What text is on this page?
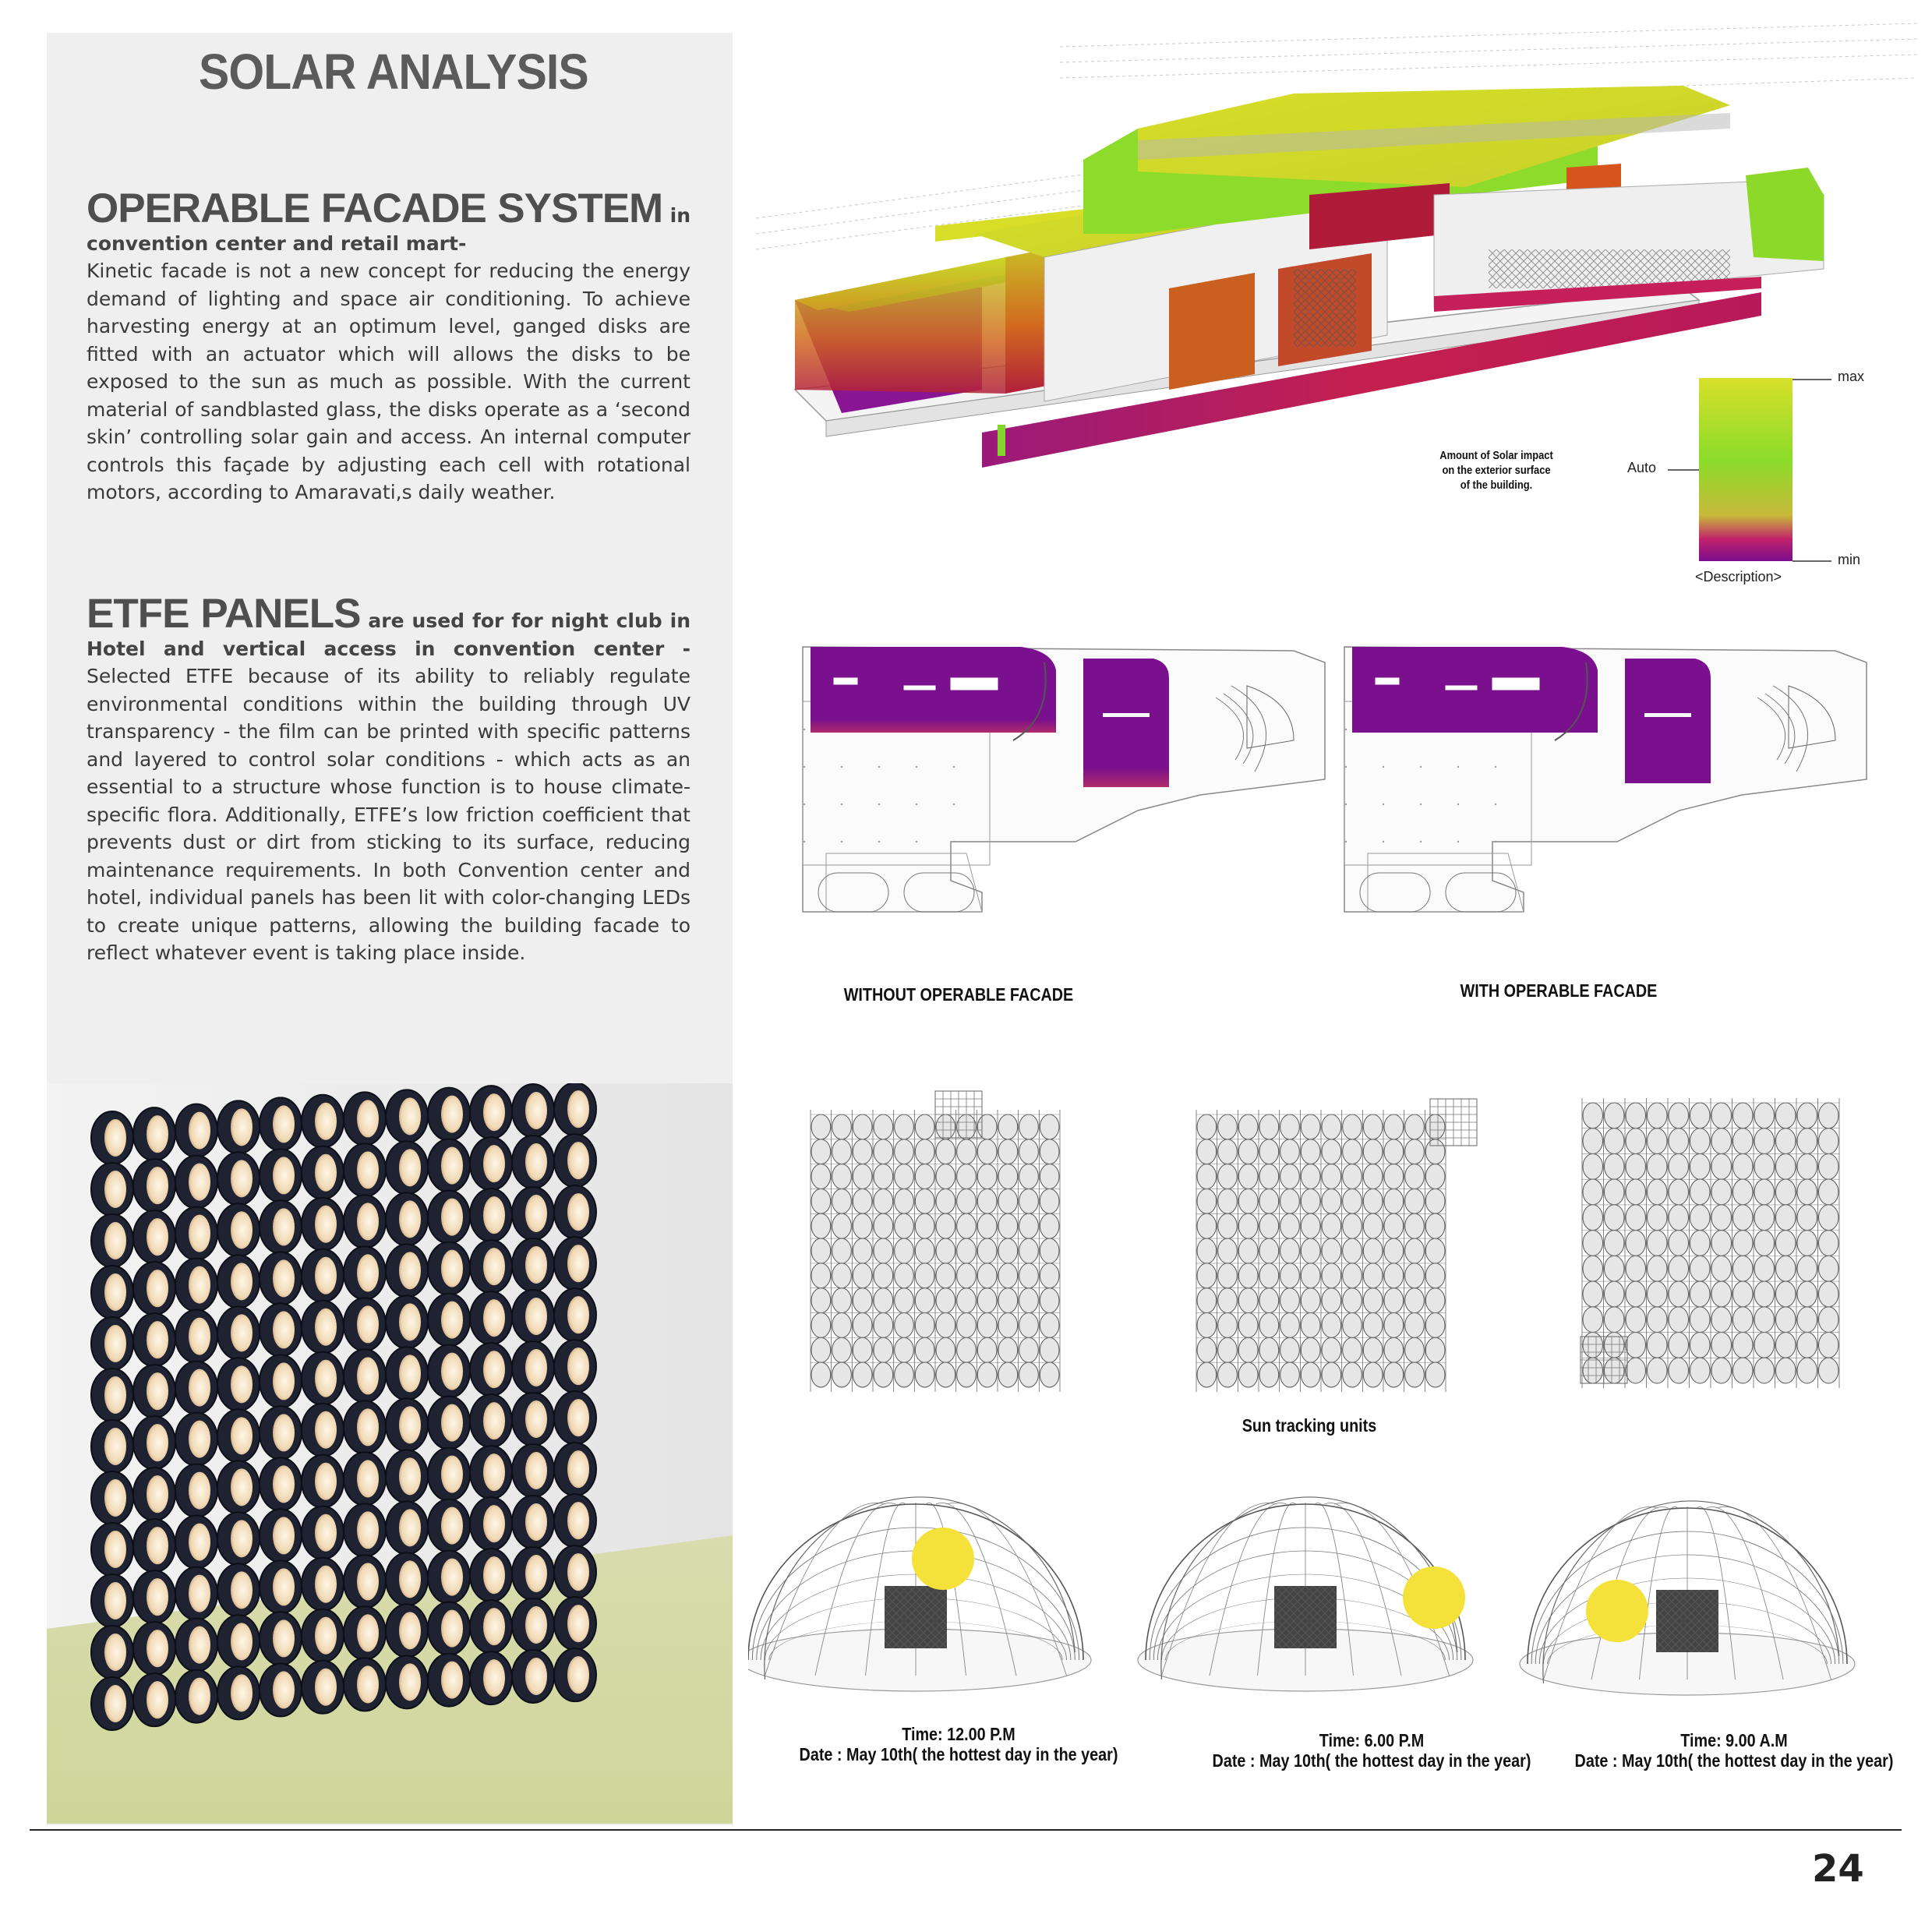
SOLAR ANALYSIS
OPERABLE FACADE SYSTEM in convention center and retail mart-
Kinetic facade is not a new concept for reducing the energy demand of lighting and space air conditioning. To achieve harvesting energy at an optimum level, ganged disks are fitted with an actuator which will allows the disks to be exposed to the sun as much as possible. With the current material of sandblasted glass, the disks operate as a ‘second skin’ controlling solar gain and access. An internal computer controls this façade by adjusting each cell with rotational motors, according to Amaravati,s daily weather.
ETFE PANELS are used for for night club in Hotel and vertical access in convention center - Selected ETFE because of its ability to reliably regulate environmental conditions within the building through UV transparency - the film can be printed with specific patterns and layered to control solar conditions - which acts as an essential to a structure whose function is to house climate-specific flora. Additionally, ETFE’s low friction coefficient that prevents dust or dirt from sticking to its surface, reducing maintenance requirements. In both Convention center and hotel, individual panels has been lit with color-changing LEDs to create unique patterns, allowing the building facade to reflect whatever event is taking place inside.
max
Auto
min
<Description>
Amount of Solar impact
on the exterior surface
of the building.
WITHOUT OPERABLE FACADE	WITH OPERABLE FACADE
Sun tracking units
Time: 12.00 P.M
Date : May 10th( the hottest day in the year)
Time: 6.00 P.M
Date : May 10th( the hottest day in the year)
Time: 9.00 A.M
Date : May 10th( the hottest day in the year)
24
